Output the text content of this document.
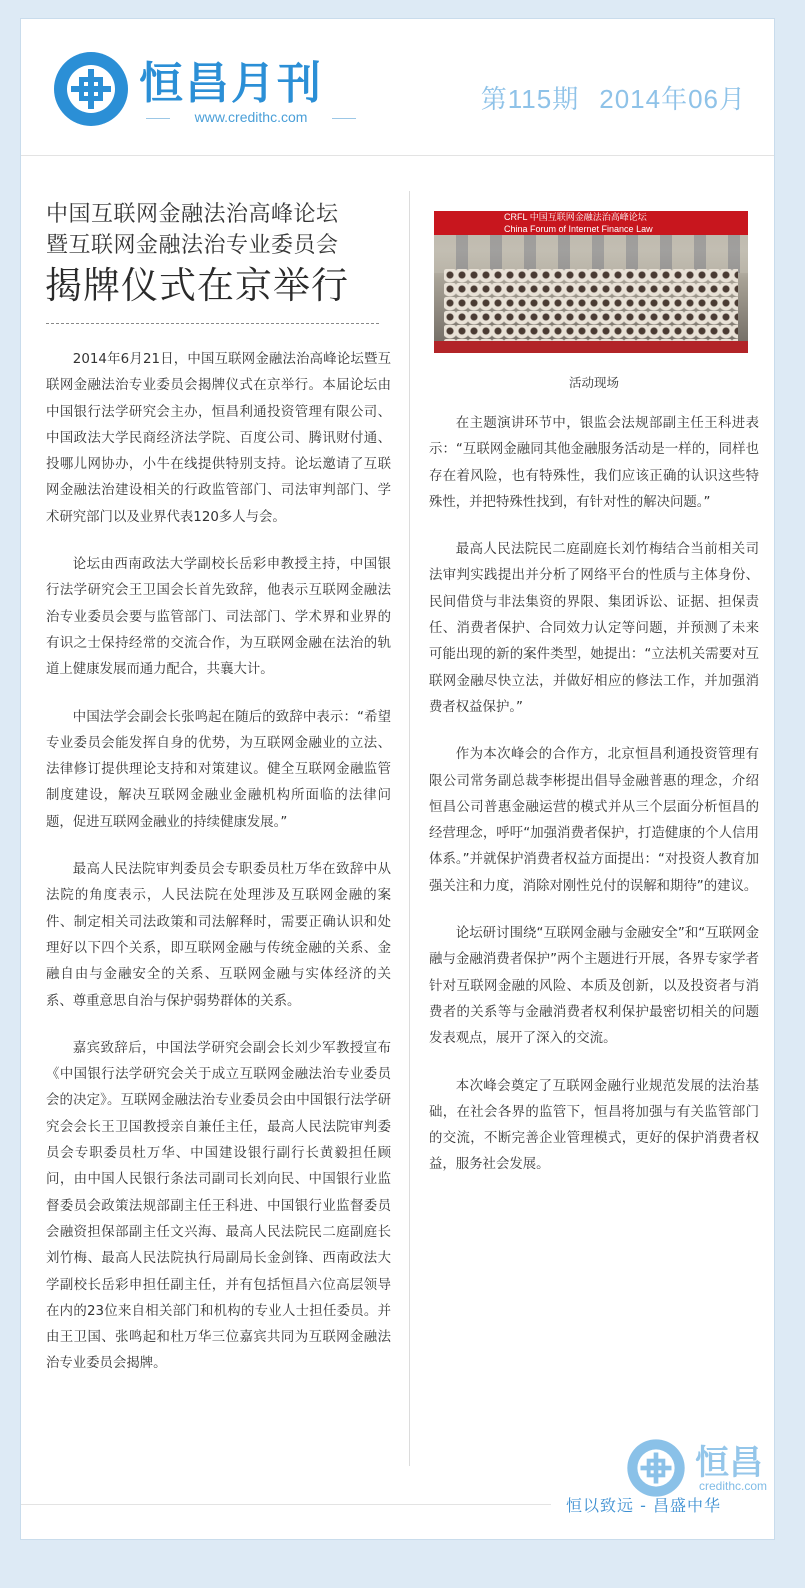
恒昌月刊
www.credithc.com
第115期 2014年06月
中国互联网金融法治高峰论坛
暨互联网金融法治专业委员会
揭牌仪式在京举行

2014年6月21日，中国互联网金融法治高峰论坛暨互联网金融法治专业委员会揭牌仪式在京举行。本届论坛由中国银行法学研究会主办，恒昌利通投资管理有限公司、中国政法大学民商经济法学院、百度公司、腾讯财付通、投哪儿网协办，小牛在线提供特别支持。论坛邀请了互联网金融法治建设相关的行政监管部门、司法审判部门、学术研究部门以及业界代表120多人与会。

论坛由西南政法大学副校长岳彩申教授主持，中国银行法学研究会王卫国会长首先致辞，他表示互联网金融法治专业委员会要与监管部门、司法部门、学术界和业界的有识之士保持经常的交流合作，为互联网金融在法治的轨道上健康发展而通力配合，共襄大计。

中国法学会副会长张鸣起在随后的致辞中表示：“希望专业委员会能发挥自身的优势，为互联网金融业的立法、法律修订提供理论支持和对策建议。健全互联网金融监管制度建设，解决互联网金融业金融机构所面临的法律问题，促进互联网金融业的持续健康发展。”

最高人民法院审判委员会专职委员杜万华在致辞中从法院的角度表示，人民法院在处理涉及互联网金融的案件、制定相关司法政策和司法解释时，需要正确认识和处理好以下四个关系，即互联网金融与传统金融的关系、金融自由与金融安全的关系、互联网金融与实体经济的关系、尊重意思自治与保护弱势群体的关系。

嘉宾致辞后，中国法学研究会副会长刘少军教授宣布《中国银行法学研究会关于成立互联网金融法治专业委员会的决定》。互联网金融法治专业委员会由中国银行法学研究会会长王卫国教授亲自兼任主任，最高人民法院审判委员会专职委员杜万华、中国建设银行副行长黄毅担任顾问，由中国人民银行条法司副司长刘向民、中国银行业监督委员会政策法规部副主任王科进、中国银行业监督委员会融资担保部副主任文兴海、最高人民法院民二庭副庭长刘竹梅、最高人民法院执行局副局长金剑锋、西南政法大学副校长岳彩申担任副主任，并有包括恒昌六位高层领导在内的23位来自相关部门和机构的专业人士担任委员。并由王卫国、张鸣起和杜万华三位嘉宾共同为互联网金融法治专业委员会揭牌。

CRFL 中国互联网金融法治高峰论坛
China Forum of Internet Finance Law
活动现场

在主题演讲环节中，银监会法规部副主任王科进表示：“互联网金融同其他金融服务活动是一样的，同样也存在着风险，也有特殊性，我们应该正确的认识这些特殊性，并把特殊性找到，有针对性的解决问题。”

最高人民法院民二庭副庭长刘竹梅结合当前相关司法审判实践提出并分析了网络平台的性质与主体身份、民间借贷与非法集资的界限、集团诉讼、证据、担保责任、消费者保护、合同效力认定等问题，并预测了未来可能出现的新的案件类型，她提出：“立法机关需要对互联网金融尽快立法，并做好相应的修法工作，并加强消费者权益保护。”

作为本次峰会的合作方，北京恒昌利通投资管理有限公司常务副总裁李彬提出倡导金融普惠的理念，介绍恒昌公司普惠金融运营的模式并从三个层面分析恒昌的经营理念，呼吁“加强消费者保护，打造健康的个人信用体系。”并就保护消费者权益方面提出：“对投资人教育加强关注和力度，消除对刚性兑付的误解和期待”的建议。

论坛研讨围绕“互联网金融与金融安全”和“互联网金融与金融消费者保护”两个主题进行开展，各界专家学者针对互联网金融的风险、本质及创新，以及投资者与消费者的关系等与金融消费者权利保护最密切相关的问题发表观点，展开了深入的交流。

本次峰会奠定了互联网金融行业规范发展的法治基础，在社会各界的监管下，恒昌将加强与有关监管部门的交流，不断完善企业管理模式，更好的保护消费者权益，服务社会发展。

恒昌
credithc.com
恒以致远 - 昌盛中华
